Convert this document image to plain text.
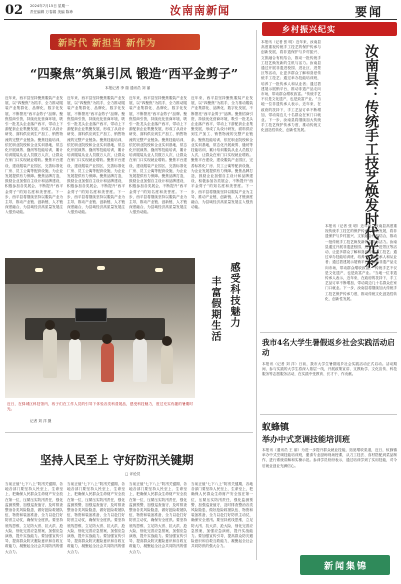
02 2024年7月15日 星期一
责任编辑 万春娟 美编 陈珍	汝南南新闻	要闻
新时代 新担当 新作为
“四聚焦”筑巢引凤 锻造“西平金剪子”
本报记者 李 瑞 通讯员 刘 丽
近年来，西平县坚持聚焦服装产业发展，以“四聚焦”为抓手，全力推动服装产业集群化、品牌化、数字化发展，不断擦亮“西平金剪子”品牌。聚焦招商引资，持续优化营商环境，吸引一批龙头企业落户西平，带动上下游配套企业集聚发展，形成了从设计研发、面料供应到生产加工、销售物流的完整产业链条。聚焦技能培训，依托职业院校和企业实训基地，常态化开展裁剪、缝纫等技能培训，累计培训服装从业人员数万人次，让群众在家门口实现就业增收。聚焦平台建设，建设服装产业园区，完善标准化厂房、员工公寓等配套设施，为企业发展提供有力保障。聚焦品牌打造，鼓励企业加强自主设计和品牌建设，积极参加各类展会，不断提升“西平金剪子”的知名度和美誉度。下一步，西平县将继续坚持以服装产业为主导，推动产业链、创新链、人才链深度融合，为县域经济高质量发展注入强劲动能。
近年来，西平县坚持聚焦服装产业发展，以“四聚焦”为抓手，全力推动服装产业集群化、品牌化、数字化发展，不断擦亮“西平金剪子”品牌。聚焦招商引资，持续优化营商环境，吸引一批龙头企业落户西平，带动上下游配套企业集聚发展，形成了从设计研发、面料供应到生产加工、销售物流的完整产业链条。聚焦技能培训，依托职业院校和企业实训基地，常态化开展裁剪、缝纫等技能培训，累计培训服装从业人员数万人次，让群众在家门口实现就业增收。聚焦平台建设，建设服装产业园区，完善标准化厂房、员工公寓等配套设施，为企业发展提供有力保障。聚焦品牌打造，鼓励企业加强自主设计和品牌建设，积极参加各类展会，不断提升“西平金剪子”的知名度和美誉度。下一步，西平县将继续坚持以服装产业为主导，推动产业链、创新链、人才链深度融合，为县域经济高质量发展注入强劲动能。
近年来，西平县坚持聚焦服装产业发展，以“四聚焦”为抓手，全力推动服装产业集群化、品牌化、数字化发展，不断擦亮“西平金剪子”品牌。聚焦招商引资，持续优化营商环境，吸引一批龙头企业落户西平，带动上下游配套企业集聚发展，形成了从设计研发、面料供应到生产加工、销售物流的完整产业链条。聚焦技能培训，依托职业院校和企业实训基地，常态化开展裁剪、缝纫等技能培训，累计培训服装从业人员数万人次，让群众在家门口实现就业增收。聚焦平台建设，建设服装产业园区，完善标准化厂房、员工公寓等配套设施，为企业发展提供有力保障。聚焦品牌打造，鼓励企业加强自主设计和品牌建设，积极参加各类展会，不断提升“西平金剪子”的知名度和美誉度。下一步，西平县将继续坚持以服装产业为主导，推动产业链、创新链、人才链深度融合，为县域经济高质量发展注入强劲动能。
近年来，西平县坚持聚焦服装产业发展，以“四聚焦”为抓手，全力推动服装产业集群化、品牌化、数字化发展，不断擦亮“西平金剪子”品牌。聚焦招商引资，持续优化营商环境，吸引一批龙头企业落户西平，带动上下游配套企业集聚发展，形成了从设计研发、面料供应到生产加工、销售物流的完整产业链条。聚焦技能培训，依托职业院校和企业实训基地，常态化开展裁剪、缝纫等技能培训，累计培训服装从业人员数万人次，让群众在家门口实现就业增收。聚焦平台建设，建设服装产业园区，完善标准化厂房、员工公寓等配套设施，为企业发展提供有力保障。聚焦品牌打造，鼓励企业加强自主设计和品牌建设，积极参加各类展会，不断提升“西平金剪子”的知名度和美誉度。下一步，西平县将继续坚持以服装产业为主导，推动产业链、创新链、人才链深度融合，为县域经济高质量发展注入强劲动能。
感受科技魅力
丰富假期生活
近日，在驿城区科技馆内，孩子们在工作人员的引导下体验各类科普展品，感受科技魅力，度过充实有趣的暑期时光。
记者 刘 洋 摄
坚持人民至上 守好防汛关键期
□ 评论员
当前正值“七下八上”防汛关键期，各地各部门要坚持人民至上、生命至上，把确保人民群众生命财产安全放在第一位，压紧压实防汛责任，强化监测预警，加强巡查值守，及时排查整治各类风险隐患，做好抢险救援队伍、物资和装备准备，全力以赴打好防汛主动仗，确保安全度汛。要坚持底线思维，立足防大汛、抗大洪、抢大险，细化完善应急预案，加强应急演练，提升实战能力。要加强宣传引导，提高群众防灾避险意识和自救互救能力，凝聚起全社会共同防汛的强大合力。
当前正值“七下八上”防汛关键期，各地各部门要坚持人民至上、生命至上，把确保人民群众生命财产安全放在第一位，压紧压实防汛责任，强化监测预警，加强巡查值守，及时排查整治各类风险隐患，做好抢险救援队伍、物资和装备准备，全力以赴打好防汛主动仗，确保安全度汛。要坚持底线思维，立足防大汛、抗大洪、抢大险，细化完善应急预案，加强应急演练，提升实战能力。要加强宣传引导，提高群众防灾避险意识和自救互救能力，凝聚起全社会共同防汛的强大合力。
当前正值“七下八上”防汛关键期，各地各部门要坚持人民至上、生命至上，把确保人民群众生命财产安全放在第一位，压紧压实防汛责任，强化监测预警，加强巡查值守，及时排查整治各类风险隐患，做好抢险救援队伍、物资和装备准备，全力以赴打好防汛主动仗，确保安全度汛。要坚持底线思维，立足防大汛、抗大洪、抢大险，细化完善应急预案，加强应急演练，提升实战能力。要加强宣传引导，提高群众防灾避险意识和自救互救能力，凝聚起全社会共同防汛的强大合力。
当前正值“七下八上”防汛关键期，各地各部门要坚持人民至上、生命至上，把确保人民群众生命财产安全放在第一位，压紧压实防汛责任，强化监测预警，加强巡查值守，及时排查整治各类风险隐患，做好抢险救援队伍、物资和装备准备，全力以赴打好防汛主动仗，确保安全度汛。要坚持底线思维，立足防大汛、抗大洪、抢大险，细化完善应急预案，加强应急演练，提升实战能力。要加强宣传引导，提高群众防灾避险意识和自救互救能力，凝聚起全社会共同防汛的强大合力。
乡村振兴纪实
本报讯（记者 张 明）近年来，汝南县高度重视传统手工技艺的保护传承与创新发展，将非遗保护与乡村振兴、文旅融合有机结合，推动一批传统手工技艺焕发新的生机与活力。汝南县通过开展非遗进校园、进社区、进景区等活动，让更多群众了解和喜爱传统手工技艺；通过举办技能培训班，培养了一批传承人和从业者；通过搭建展示展销平台，推动非遗产品走向市场，带动群众增收致富。“传统手艺不仅是文化遗产，也是致富产业。”当地一位非遗传承人表示，近年来，在政府的扶持下，手工艺品订单不断增加，带动周边几十名群众在家门口就业。下一步，汝南县将继续加大传统手工技艺保护传承力度，推动传统文化创造性转化、创新性发展。	汝南县：传统手工技艺焕发时代光彩
本报讯（记者 张 明）近年来，汝南县高度重视传统手工技艺的保护传承与创新发展，将非遗保护与乡村振兴、文旅融合有机结合，推动一批传统手工技艺焕发新的生机与活力。汝南县通过开展非遗进校园、进社区、进景区等活动，让更多群众了解和喜爱传统手工技艺；通过举办技能培训班，培养了一批传承人和从业者；通过搭建展示展销平台，推动非遗产品走向市场，带动群众增收致富。“传统手艺不仅是文化遗产，也是致富产业。”当地一位非遗传承人表示，近年来，在政府的扶持下，手工艺品订单不断增加，带动周边几十名群众在家门口就业。下一步，汝南县将继续加大传统手工技艺保护传承力度，推动传统文化创造性转化、创新性发展。
我市4名大学生暑假返乡社会实践活动启动
本报讯（记者 刘 洋）日前，我市大学生暑期返乡社会实践活动正式启动。活动期间，参与实践的大学生将深入基层一线，开展政策宣讲、支教助学、文化宣传、科技服务等志愿服务活动，在实践中受教育、长才干、作贡献。
蚁蜂镇
举办中式烹调技能培训班
本报讯（通讯员 王 丽）为进一步提升群众就业技能，拓宽增收渠道，近日，蚁蜂镇举办中式烹调技能培训班，邀请专业厨师现场授课，从刀工技法、食材搭配到菜品制作，进行系统讲解和实操示范。参训学员纷纷表示，通过培训学到了实用技能，对今后就业创业充满信心。
新闻集锦
